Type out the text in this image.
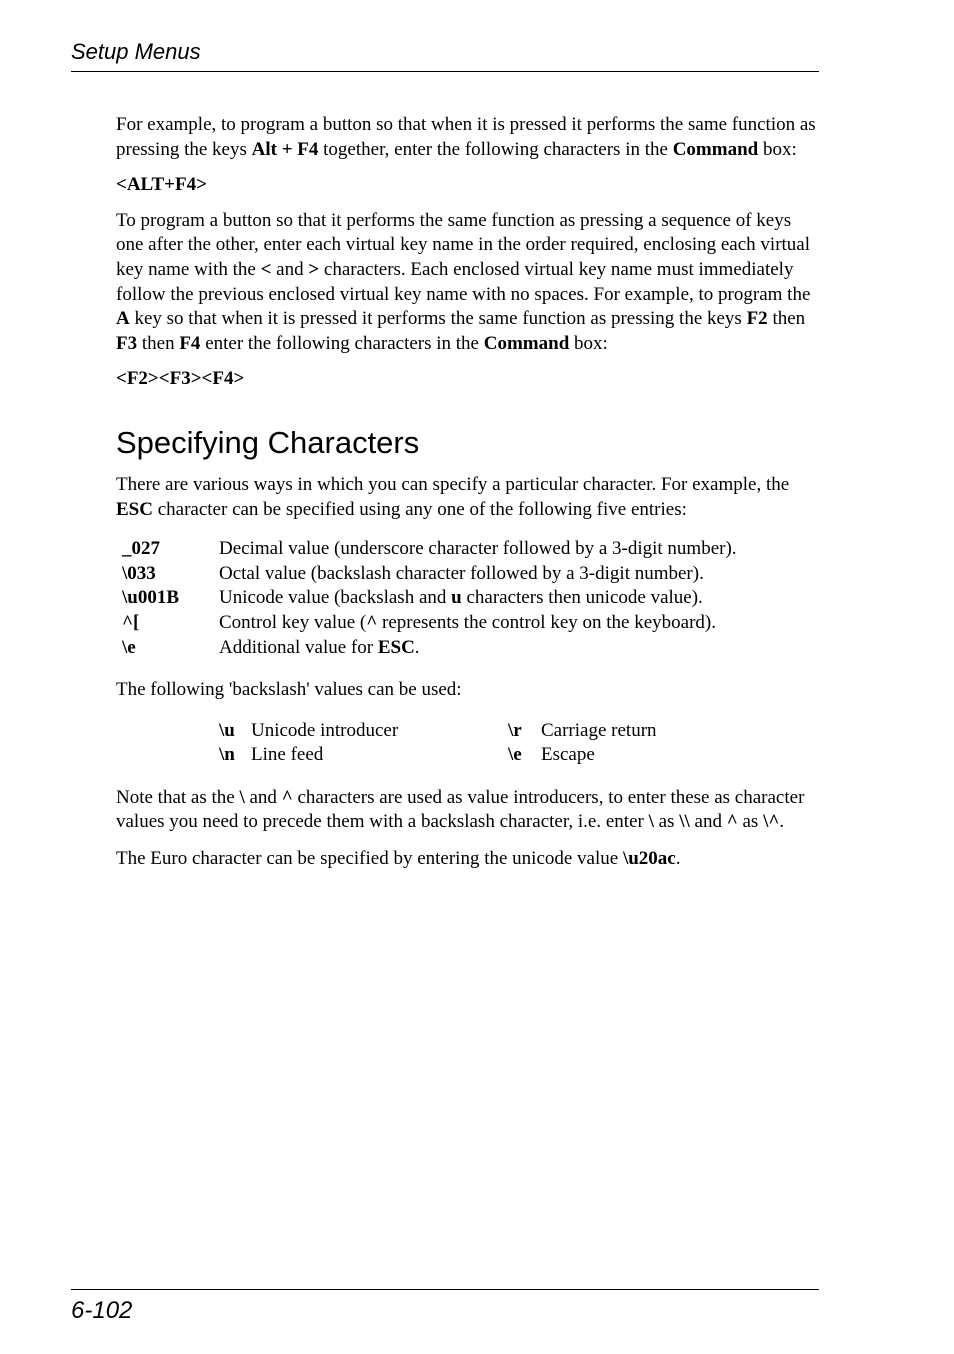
Setup Menus

For example, to program a button so that when it is pressed it performs the same function as pressing the keys Alt + F4 together, enter the following characters in the Command box:

<ALT+F4>

To program a button so that it performs the same function as pressing a sequence of keys one after the other, enter each virtual key name in the order required, enclosing each virtual key name with the < and > characters. Each enclosed virtual key name must immediately follow the previous enclosed virtual key name with no spaces. For example, to program the A key so that when it is pressed it performs the same function as pressing the keys F2 then F3 then F4 enter the following characters in the Command box:

<F2><F3><F4>

Specifying Characters

There are various ways in which you can specify a particular character. For example, the ESC character can be specified using any one of the following five entries:

_027	Decimal value (underscore character followed by a 3-digit number).
\033	Octal value (backslash character followed by a 3-digit number).
\u001B	Unicode value (backslash and u characters then unicode value).
^[	Control key value (^ represents the control key on the keyboard).
\e	Additional value for ESC.

The following 'backslash' values can be used:

\u Unicode introducer	\r	Carriage return
\n Line feed	\e	Escape

Note that as the \ and ^ characters are used as value introducers, to enter these as character values you need to precede them with a backslash character, i.e. enter \ as \\ and ^ as \^.

The Euro character can be specified by entering the unicode value \u20ac.

6-102
